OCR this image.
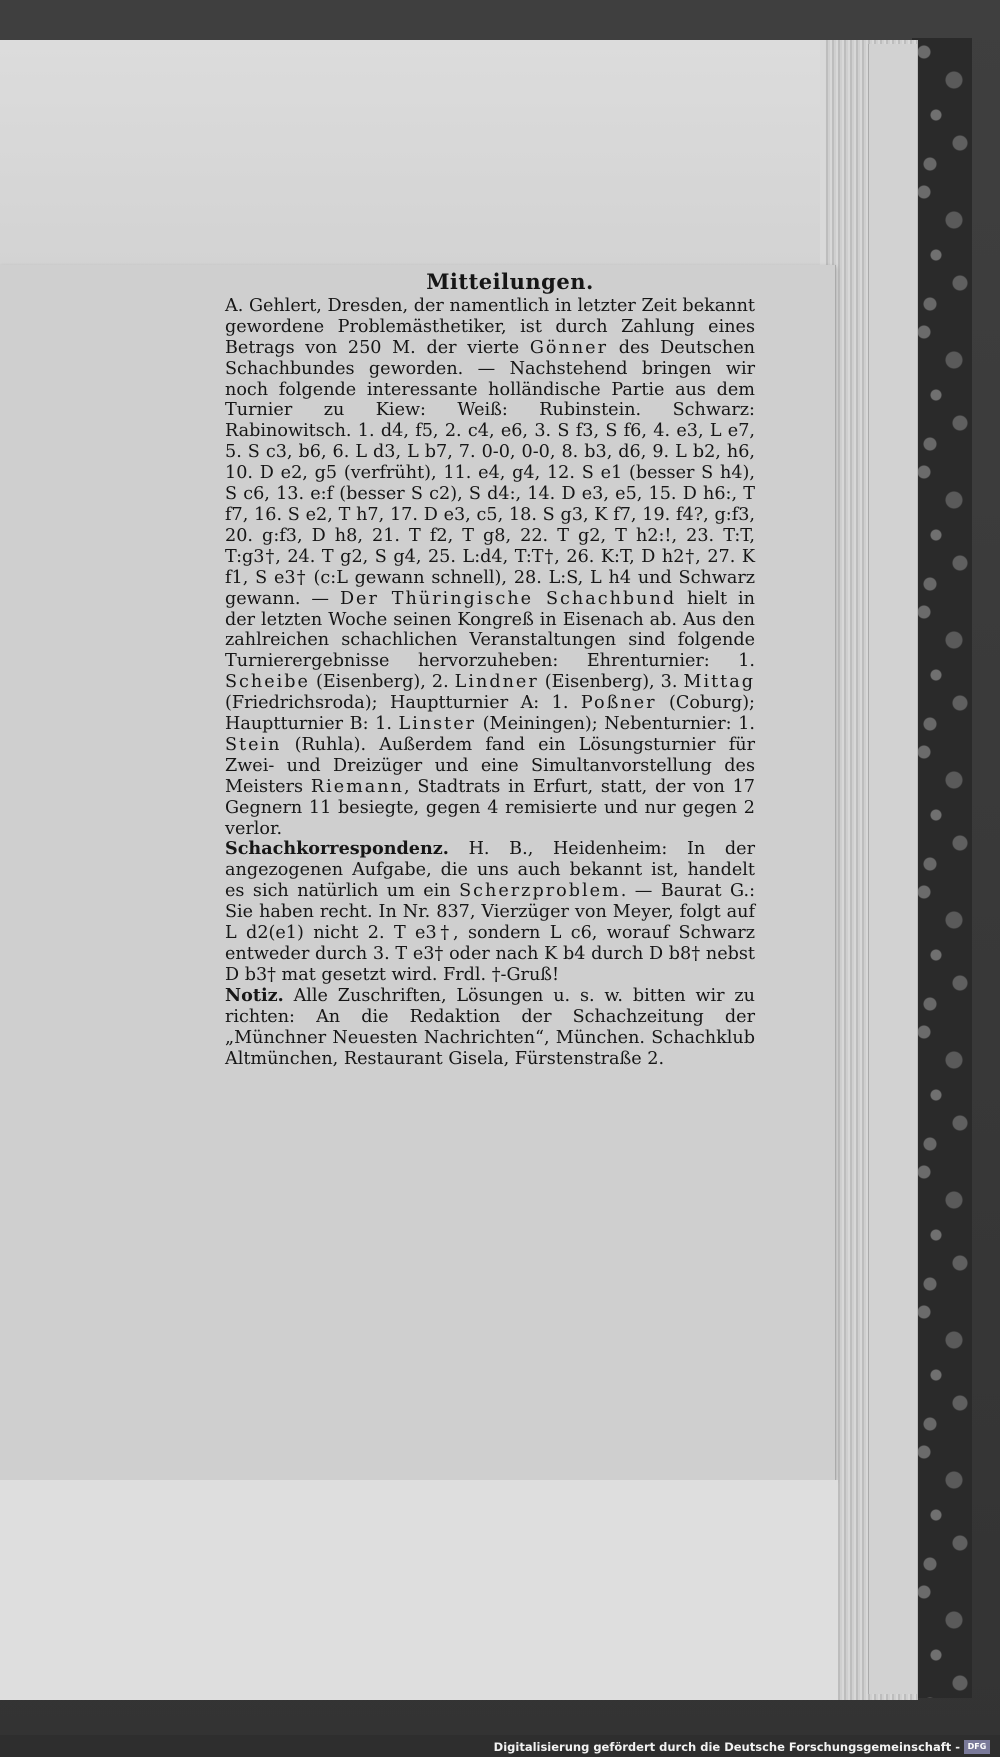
Mitteilungen.

A. Gehlert, Dresden, der namentlich in letzter Zeit bekannt gewordene Problemästhetiker, ist durch Zahlung eines Betrags von 250 M. der vierte Gönner des Deutschen Schachbundes geworden. — Nachstehend bringen wir noch folgende interessante holländische Partie aus dem Turnier zu Kiew: Weiß: Rubinstein. Schwarz: Rabinowitsch. 1. d4, f5, 2. c4, e6, 3. S f3, S f6, 4. e3, L e7, 5. S c3, b6, 6. L d3, L b7, 7. 0-0, 0-0, 8. b3, d6, 9. L b2, h6, 10. D e2, g5 (verfrüht), 11. e4, g4, 12. S e1 (besser S h4), S c6, 13. e:f (besser S c2), S d4:, 14. D e3, e5, 15. D h6:, T f7, 16. S e2, T h7, 17. D e3, c5, 18. S g3, K f7, 19. f4?, g:f3, 20. g:f3, D h8, 21. T f2, T g8, 22. T g2, T h2:!, 23. T:T, T:g3†, 24. T g2, S g4, 25. L:d4, T:T†, 26. K:T, D h2†, 27. K f1, S e3† (c:L gewann schnell), 28. L:S, L h4 und Schwarz gewann. — Der Thüringische Schachbund hielt in der letzten Woche seinen Kongreß in Eisenach ab. Aus den zahlreichen schachlichen Veranstaltungen sind folgende Turnierergebnisse hervorzuheben: Ehrenturnier: 1. Scheibe (Eisenberg), 2. Lindner (Eisenberg), 3. Mittag (Friedrichsroda); Hauptturnier A: 1. Poßner (Coburg); Hauptturnier B: 1. Linster (Meiningen); Nebenturnier: 1. Stein (Ruhla). Außerdem fand ein Lösungsturnier für Zwei- und Dreizüger und eine Simultanvorstellung des Meisters Riemann, Stadtrats in Erfurt, statt, der von 17 Gegnern 11 besiegte, gegen 4 remisierte und nur gegen 2 verlor.

Schachkorrespondenz. H. B., Heidenheim: In der angezogenen Aufgabe, die uns auch bekannt ist, handelt es sich natürlich um ein Scherzproblem. — Baurat G.: Sie haben recht. In Nr. 837, Vierzüger von Meyer, folgt auf L d2(e1) nicht 2. T e3†, sondern L c6, worauf Schwarz entweder durch 3. T e3† oder nach K b4 durch D b8† nebst D b3† mat gesetzt wird. Frdl. †-Gruß!

Notiz. Alle Zuschriften, Lösungen u. s. w. bitten wir zu richten: An die Redaktion der Schachzeitung der „Münchner Neuesten Nachrichten“, München. Schachklub Altmünchen, Restaurant Gisela, Fürstenstraße 2.

Digitalisierung gefördert durch die Deutsche Forschungsgemeinschaft - DFG
